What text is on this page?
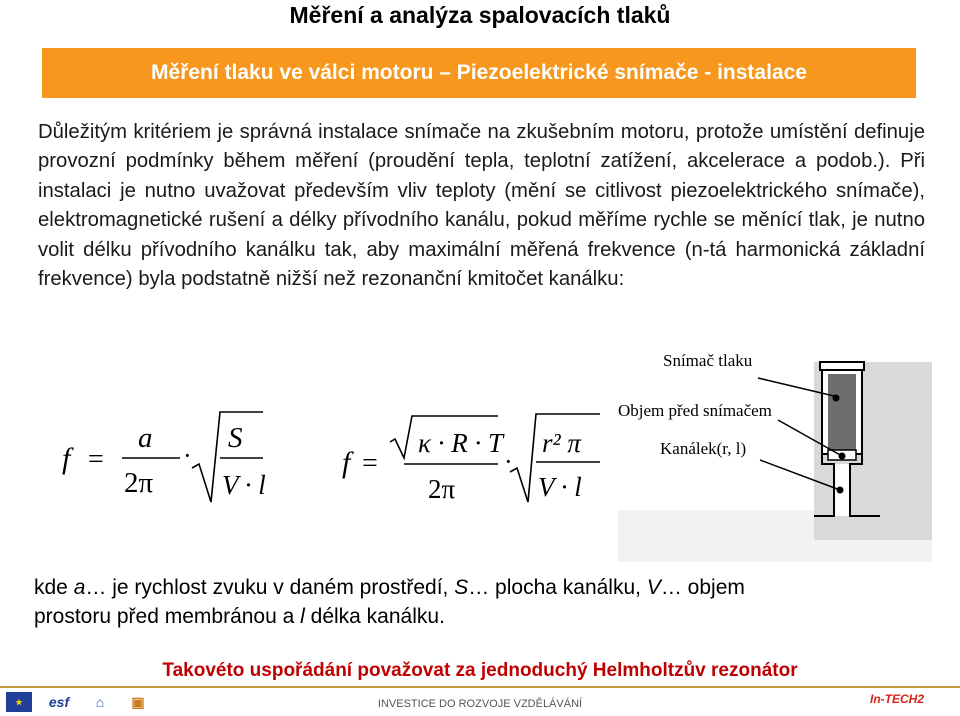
Měření a analýza spalovacích tlaků
Měření tlaku ve válci motoru – Piezoelektrické snímače - instalace
Důležitým kritériem je správná instalace snímače na zkušebním motoru, protože umístění definuje provozní podmínky během měření (proudění tepla, teplotní zatížení, akcelerace a podob.). Při instalaci je nutno uvažovat především vliv teploty (mění se citlivost piezoelektrického snímače), elektromagnetické rušení a délky přívodního kanálu, pokud měříme rychle se měnící tlak, je nutno volit délku přívodního kanálku tak, aby maximální měřená frekvence (n-tá harmonická základní frekvence) byla podstatně nižší než rezonanční kmitočet kanálku:
f =
a
2π
·
S
V · l
f =
κ · R · T
2π
·
r² π
V · l
Snímač tlaku
Objem před snímačem
Kanálek(r, l)
kde a… je rychlost zvuku v daném prostředí, S… plocha kanálku, V… objem
prostoru před membránou a l délka kanálku.
Takovéto uspořádání považovat za jednoduchý Helmholtzův rezonátor
★	esf	⌂	▣	INVESTICE DO ROZVOJE VZDĚLÁVÁNÍ	In-TECH2
